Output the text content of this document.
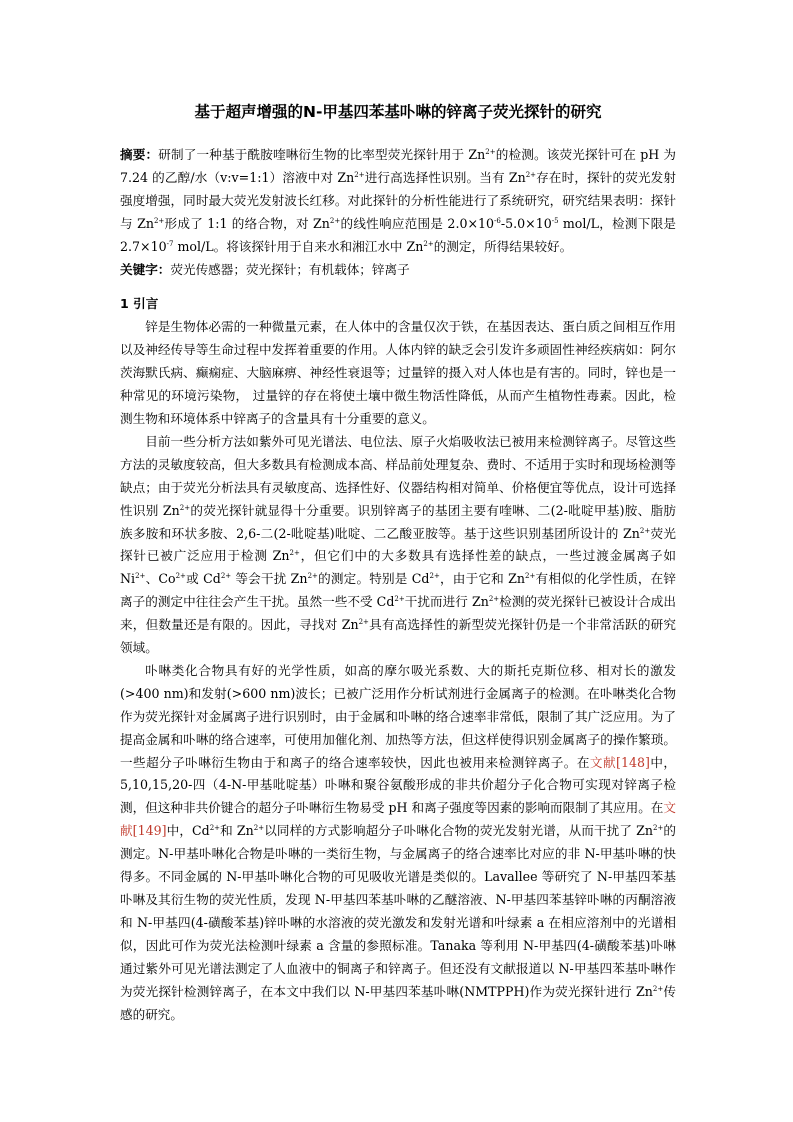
基于超声增强的N-甲基四苯基卟啉的锌离子荧光探针的研究

摘要：研制了一种基于酰胺喹啉衍生物的比率型荧光探针用于 $Zn^{2+}$的检测。该荧光探针可在 pH 为 7.24 的乙醇/水（v:v=1:1）溶液中对 $Zn^{2+}$进行高选择性识别。当有 $Zn^{2+}$存在时，探针的荧光发射强度增强，同时最大荧光发射波长红移。对此探针的分析性能进行了系统研究，研究结果表明：探针与 $Zn^{2+}$形成了 1:1 的络合物，对 $Zn^{2+}$的线性响应范围是 $2.0\times 10^{-6}-5.0\times 10^{-5}$ mol/L，检测下限是 $2.7\times 10^{-7}$ mol/L。将该探针用于自来水和湘江水中 $Zn^{2+}$的测定，所得结果较好。

关键字：荧光传感器；荧光探针；有机载体；锌离子

1 引言

锌是生物体必需的一种微量元素，在人体中的含量仅次于铁，在基因表达、蛋白质之间相互作用以及神经传导等生命过程中发挥着重要的作用。人体内锌的缺乏会引发许多顽固性神经疾病如：阿尔茨海默氏病、癫痫症、大脑麻痹、神经性衰退等；过量锌的摄入对人体也是有害的。同时，锌也是一种常见的环境污染物， 过量锌的存在将使土壤中微生物活性降低，从而产生植物性毒素。因此，检测生物和环境体系中锌离子的含量具有十分重要的意义。

目前一些分析方法如紫外可见光谱法、电位法、原子火焰吸收法已被用来检测锌离子。尽管这些方法的灵敏度较高，但大多数具有检测成本高、样品前处理复杂、费时、不适用于实时和现场检测等缺点；由于荧光分析法具有灵敏度高、选择性好、仪器结构相对简单、价格便宜等优点，设计可选择性识别 $Zn^{2+}$的荧光探针就显得十分重要。识别锌离子的基团主要有喹啉、二(2-吡啶甲基)胺、脂肪族多胺和环状多胺、2,6-二(2-吡啶基)吡啶、二乙酸亚胺等。基于这些识别基团所设计的 $Zn^{2+}$荧光探针已被广泛应用于检测 $Zn^{2+}$，但它们中的大多数具有选择性差的缺点，一些过渡金属离子如 $Ni^{2+}$、$Co^{2+}$或 $Cd^{2+}$ 等会干扰 $Zn^{2+}$的测定。特别是 $Cd^{2+}$，由于它和 $Zn^{2+}$有相似的化学性质，在锌离子的测定中往往会产生干扰。虽然一些不受 $Cd^{2+}$干扰而进行 $Zn^{2+}$检测的荧光探针已被设计合成出来，但数量还是有限的。因此，寻找对 $Zn^{2+}$具有高选择性的新型荧光探针仍是一个非常活跃的研究领域。

卟啉类化合物具有好的光学性质，如高的摩尔吸光系数、大的斯托克斯位移、相对长的激发(>400 nm)和发射(>600 nm)波长；已被广泛用作分析试剂进行金属离子的检测。在卟啉类化合物作为荧光探针对金属离子进行识别时，由于金属和卟啉的络合速率非常低，限制了其广泛应用。为了提高金属和卟啉的络合速率，可使用加催化剂、加热等方法，但这样使得识别金属离子的操作繁琐。一些超分子卟啉衍生物由于和离子的络合速率较快，因此也被用来检测锌离子。在文献[148]中，5,10,15,20-四（4-N-甲基吡啶基）卟啉和聚谷氨酸形成的非共价超分子化合物可实现对锌离子检测，但这种非共价键合的超分子卟啉衍生物易受 pH 和离子强度等因素的影响而限制了其应用。在文献[149]中，$Cd^{2+}$和 $Zn^{2+}$以同样的方式影响超分子卟啉化合物的荧光发射光谱，从而干扰了 $Zn^{2+}$的测定。N-甲基卟啉化合物是卟啉的一类衍生物，与金属离子的络合速率比对应的非 N-甲基卟啉的快得多。不同金属的 N-甲基卟啉化合物的可见吸收光谱是类似的。Lavallee 等研究了 N-甲基四苯基卟啉及其衍生物的荧光性质，发现 N-甲基四苯基卟啉的乙醚溶液、N-甲基四苯基锌卟啉的丙酮溶液和 N-甲基四(4-磺酸苯基)锌卟啉的水溶液的荧光激发和发射光谱和叶绿素 a 在相应溶剂中的光谱相似，因此可作为荧光法检测叶绿素 a 含量的参照标准。Tanaka 等利用 N-甲基四(4-磺酸苯基)卟啉通过紫外可见光谱法测定了人血液中的铜离子和锌离子。但还没有文献报道以 N-甲基四苯基卟啉作为荧光探针检测锌离子，在本文中我们以 N-甲基四苯基卟啉(NMTPPH)作为荧光探针进行 $Zn^{2+}$传感的研究。
